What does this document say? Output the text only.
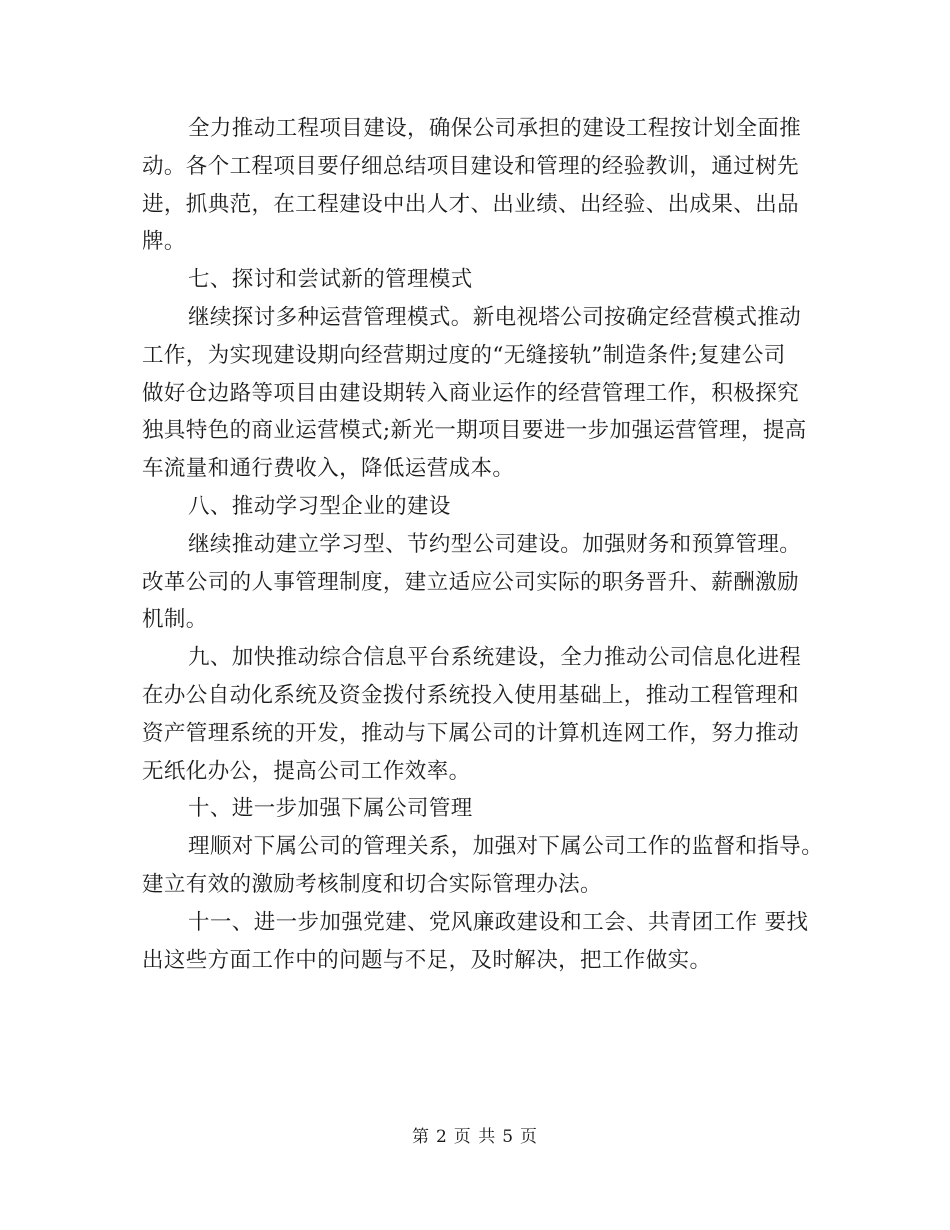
全力推动工程项目建设，确保公司承担的建设工程按计划全面推
动。各个工程项目要仔细总结项目建设和管理的经验教训，通过树先
进，抓典范，在工程建设中出人才、出业绩、出经验、出成果、出品
牌。

七、探讨和尝试新的管理模式

继续探讨多种运营管理模式。新电视塔公司按确定经营模式推动
工作，为实现建设期向经营期过度的“无缝接轨”制造条件;复建公司
做好仓边路等项目由建设期转入商业运作的经营管理工作，积极探究
独具特色的商业运营模式;新光一期项目要进一步加强运营管理，提高
车流量和通行费收入，降低运营成本。

八、推动学习型企业的建设

继续推动建立学习型、节约型公司建设。加强财务和预算管理。
改革公司的人事管理制度，建立适应公司实际的职务晋升、薪酬激励
机制。

九、加快推动综合信息平台系统建设，全力推动公司信息化进程
在办公自动化系统及资金拨付系统投入使用基础上，推动工程管理和
资产管理系统的开发，推动与下属公司的计算机连网工作，努力推动
无纸化办公，提高公司工作效率。

十、进一步加强下属公司管理

理顺对下属公司的管理关系，加强对下属公司工作的监督和指导。
建立有效的激励考核制度和切合实际管理办法。

十一、进一步加强党建、党风廉政建设和工会、共青团工作 要找
出这些方面工作中的问题与不足，及时解决，把工作做实。

第 2 页 共 5 页
